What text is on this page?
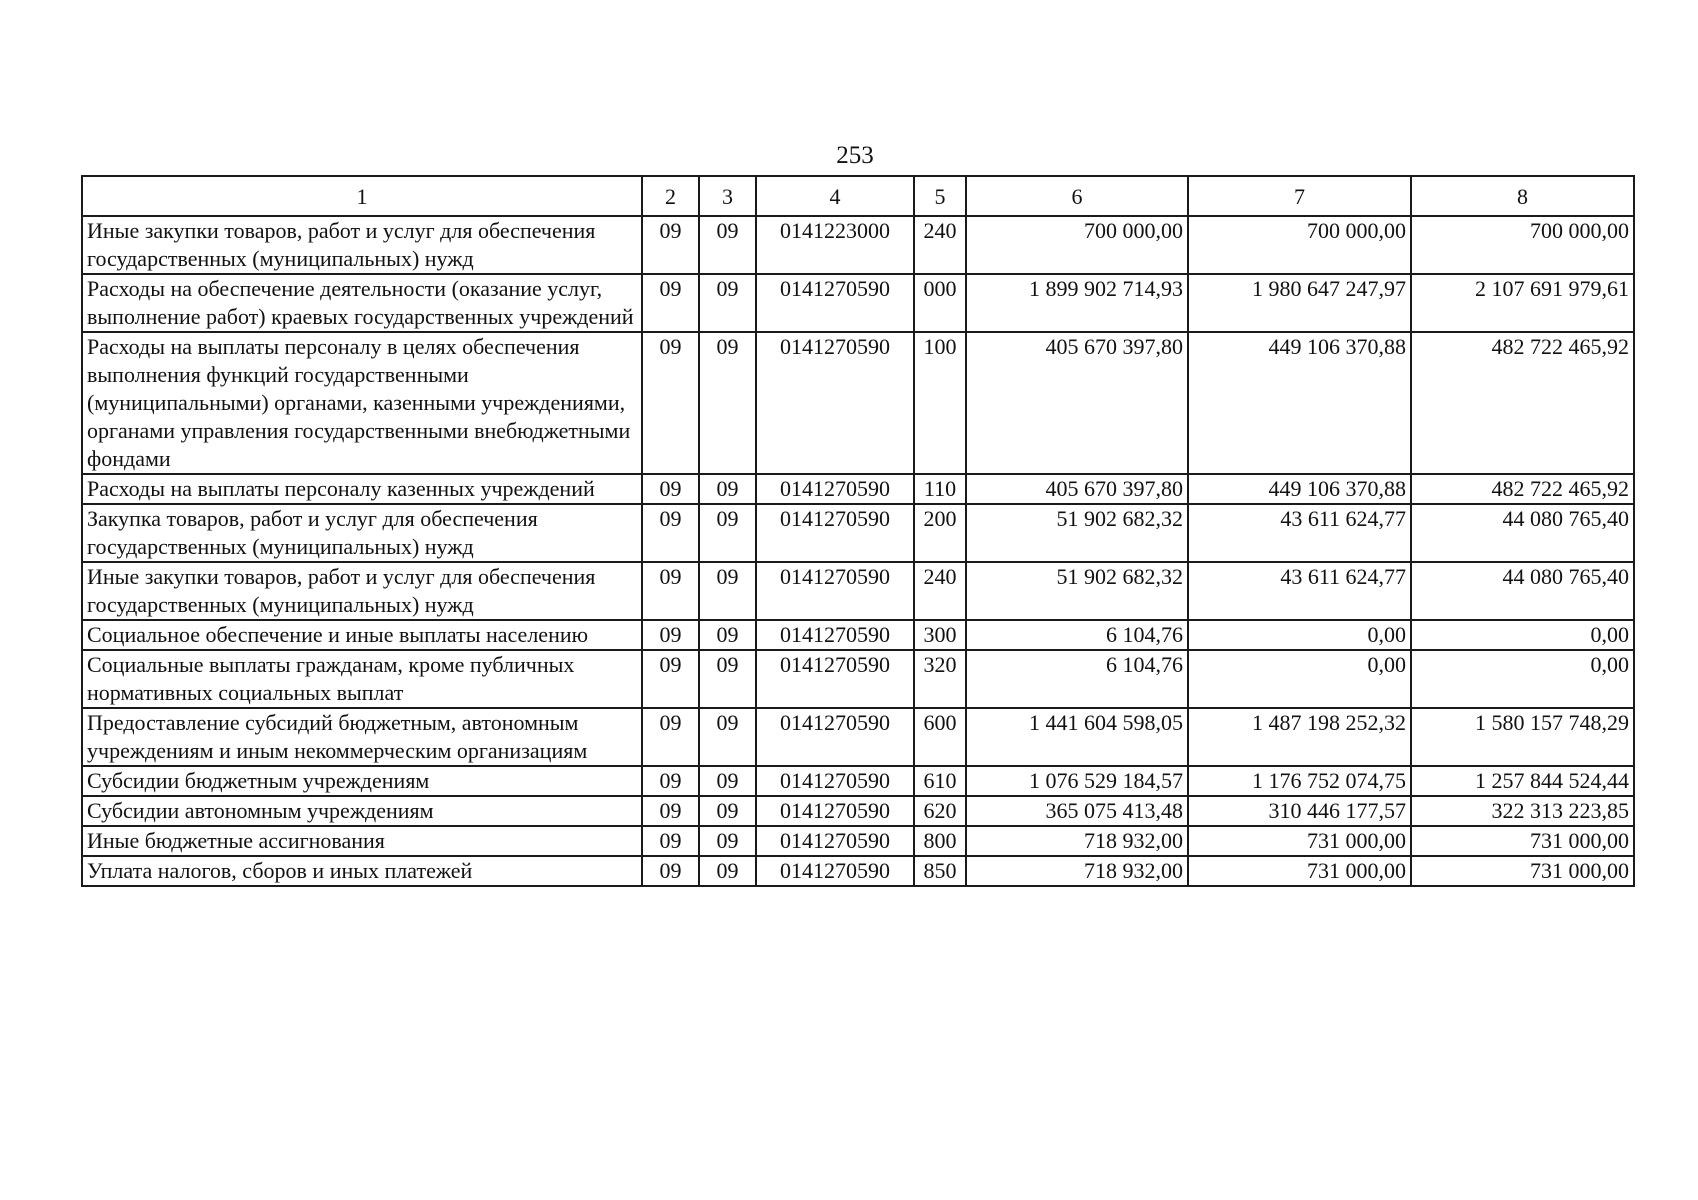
253
1	2	3	4	5	6	7	8
Иные закупки товаров, работ и услуг для обеспечения государственных (муниципальных) нужд	09	09	0141223000	240	700 000,00	700 000,00	700 000,00
Расходы на обеспечение деятельности (оказание услуг, выполнение работ) краевых государственных учреждений	09	09	0141270590	000	1 899 902 714,93	1 980 647 247,97	2 107 691 979,61
Расходы на выплаты персоналу в целях обеспечения выполнения функций государственными (муниципальными) органами, казенными учреждениями, органами управления государственными внебюджетными фондами	09	09	0141270590	100	405 670 397,80	449 106 370,88	482 722 465,92
Расходы на выплаты персоналу казенных учреждений	09	09	0141270590	110	405 670 397,80	449 106 370,88	482 722 465,92
Закупка товаров, работ и услуг для обеспечения государственных (муниципальных) нужд	09	09	0141270590	200	51 902 682,32	43 611 624,77	44 080 765,40
Иные закупки товаров, работ и услуг для обеспечения государственных (муниципальных) нужд	09	09	0141270590	240	51 902 682,32	43 611 624,77	44 080 765,40
Социальное обеспечение и иные выплаты населению	09	09	0141270590	300	6 104,76	0,00	0,00
Социальные выплаты гражданам, кроме публичных нормативных социальных выплат	09	09	0141270590	320	6 104,76	0,00	0,00
Предоставление субсидий бюджетным, автономным учреждениям и иным некоммерческим организациям	09	09	0141270590	600	1 441 604 598,05	1 487 198 252,32	1 580 157 748,29
Субсидии бюджетным учреждениям	09	09	0141270590	610	1 076 529 184,57	1 176 752 074,75	1 257 844 524,44
Субсидии автономным учреждениям	09	09	0141270590	620	365 075 413,48	310 446 177,57	322 313 223,85
Иные бюджетные ассигнования	09	09	0141270590	800	718 932,00	731 000,00	731 000,00
Уплата налогов, сборов и иных платежей	09	09	0141270590	850	718 932,00	731 000,00	731 000,00
